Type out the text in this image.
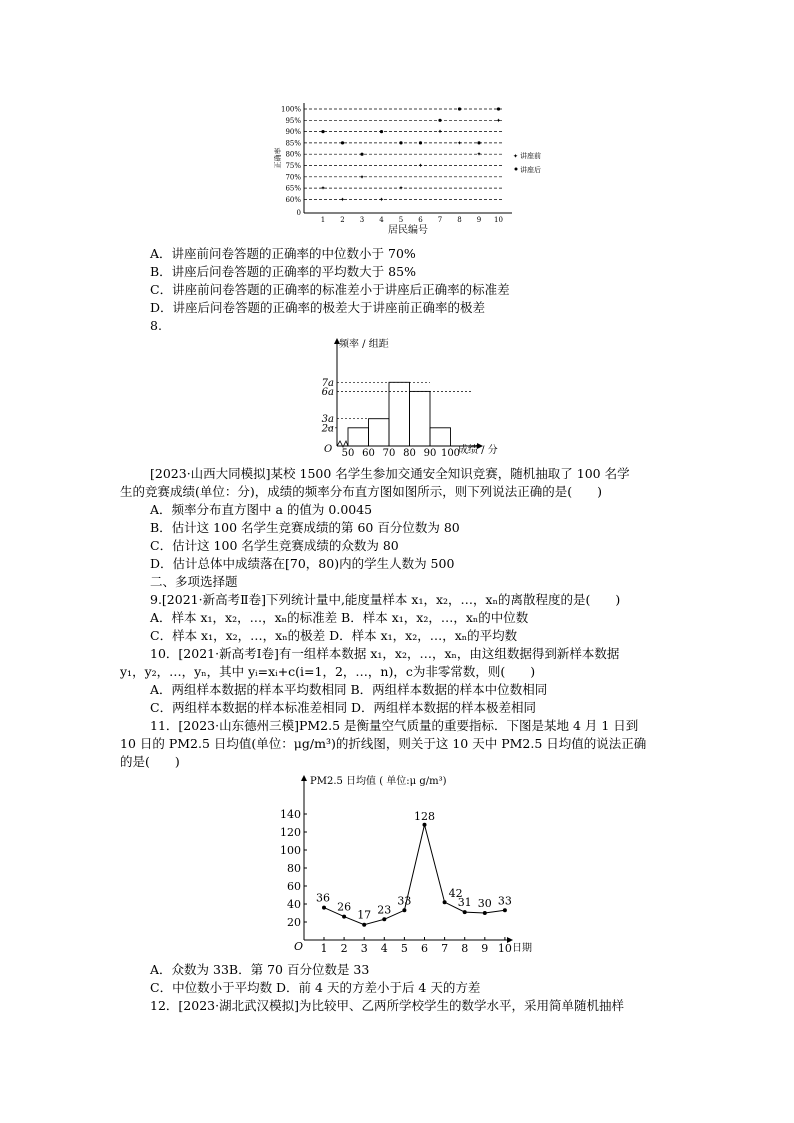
100%
95%
90%
85%
80%
75%
70%
65%
60%
0
1 2 3 4 5 6 7 8 9 10
✦
✦
✦
✦
✦
✦
✦
✦
✦
✦
正确率
居民编号
✦ 讲座前
讲座后
A．讲座前问卷答题的正确率的中位数小于 70%
B．讲座后问卷答题的正确率的平均数大于 85%
C．讲座前问卷答题的正确率的标准差小于讲座后正确率的标准差
D．讲座后问卷答题的正确率的极差大于讲座前正确率的极差
8.
7a
6a
3a
2a
50 60 70 80 90 100
频率 / 组距
O	成绩 / 分
[2023·山西大同模拟]某校 1500 名学生参加交通安全知识竞赛，随机抽取了 100 名学
生的竞赛成绩(单位：分)，成绩的频率分布直方图如图所示，则下列说法正确的是(　　)
A．频率分布直方图中 a 的值为 0.0045
B．估计这 100 名学生竞赛成绩的第 60 百分位数为 80
C．估计这 100 名学生竞赛成绩的众数为 80
D．估计总体中成绩落在[70，80)内的学生人数为 500
二、多项选择题
9.[2021·新高考Ⅱ卷]下列统计量中,能度量样本 x₁，x₂，…，xₙ的离散程度的是(　　)
A．样本 x₁，x₂，…，xₙ的标准差 B．样本 x₁，x₂，…，xₙ的中位数
C．样本 x₁，x₂，…，xₙ的极差 D．样本 x₁，x₂，…，xₙ的平均数
10．[2021·新高考Ⅰ卷]有一组样本数据 x₁，x₂，…，xₙ，由这组数据得到新样本数据
y₁，y₂，…，yₙ，其中 yᵢ=xᵢ+c(i=1，2，…，n)，c为非零常数，则(　　)
A．两组样本数据的样本平均数相同 B．两组样本数据的样本中位数相同
C．两组样本数据的样本标准差相同 D．两组样本数据的样本极差相同
11．[2023·山东德州三模]PM2.5 是衡量空气质量的重要指标．下图是某地 4 月 1 日到
10 日的 PM2.5 日均值(单位：μg/m³)的折线图，则关于这 10 天中 PM2.5 日均值的说法正确
的是(　　)
20
40
60
80
100
120
140
1 2 3 4 5 6 7 8 9 10
36
26
17 23
33
128
42
31 30 33
PM2.5 日均值 ( 单位:μ g/m³)
O	日期
A．众数为 33B．第 70 百分位数是 33
C．中位数小于平均数 D．前 4 天的方差小于后 4 天的方差
12．[2023·湖北武汉模拟]为比较甲、乙两所学校学生的数学水平，采用简单随机抽样
